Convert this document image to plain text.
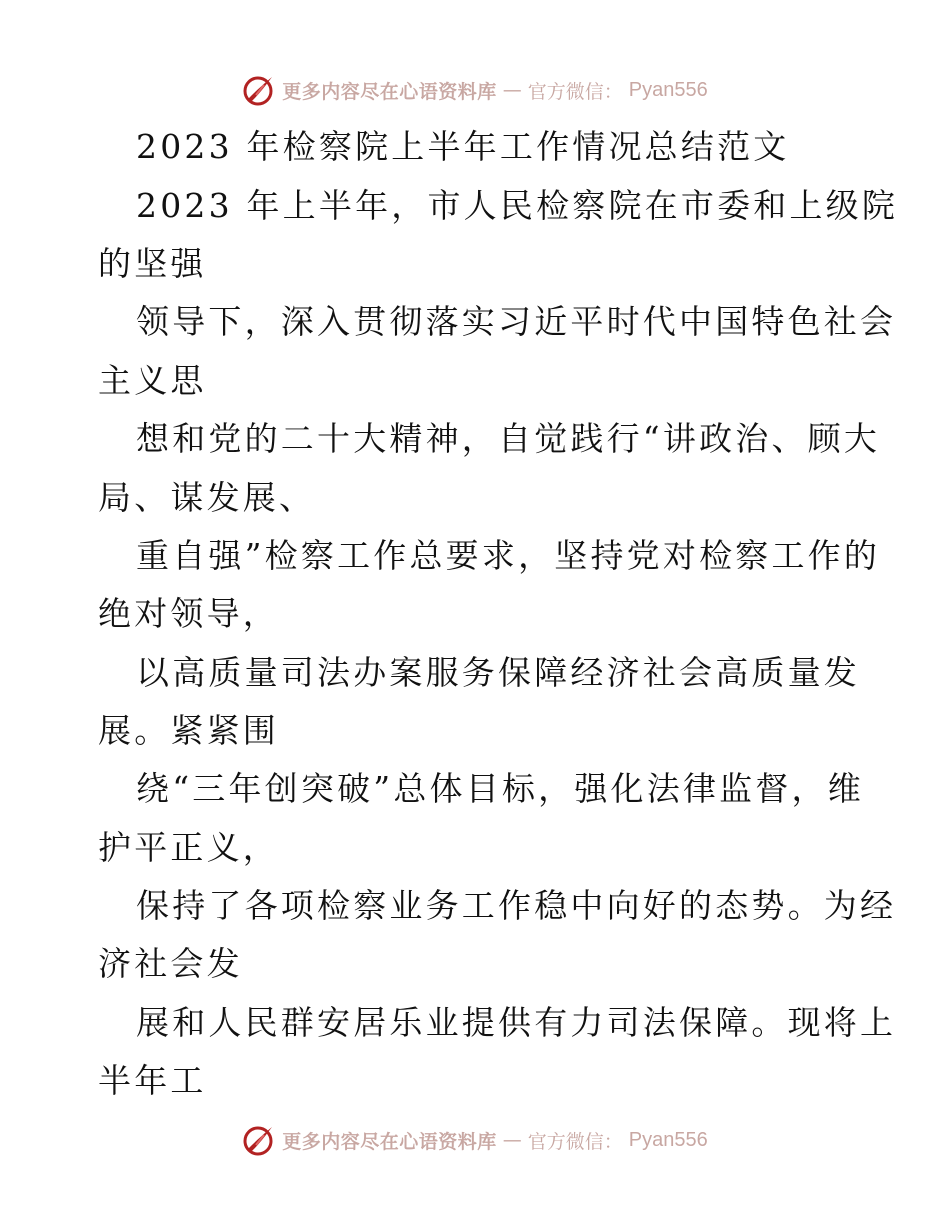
更多内容尽在心语资料库 — 官方微信： Pyan556
2023 年检察院上半年工作情况总结范文
2023 年上半年，市人民检察院在市委和上级院
的坚强
领导下，深入贯彻落实习近平时代中国特色社会
主义思
想和党的二十大精神，自觉践行“讲政治、顾大
局、谋发展、
重自强”检察工作总要求，坚持党对检察工作的
绝对领导，
以高质量司法办案服务保障经济社会高质量发
展。紧紧围
绕“三年创突破”总体目标，强化法律监督，维
护平正义，
保持了各项检察业务工作稳中向好的态势。为经
济社会发
展和人民群安居乐业提供有力司法保障。现将上
半年工
更多内容尽在心语资料库 — 官方微信： Pyan556
